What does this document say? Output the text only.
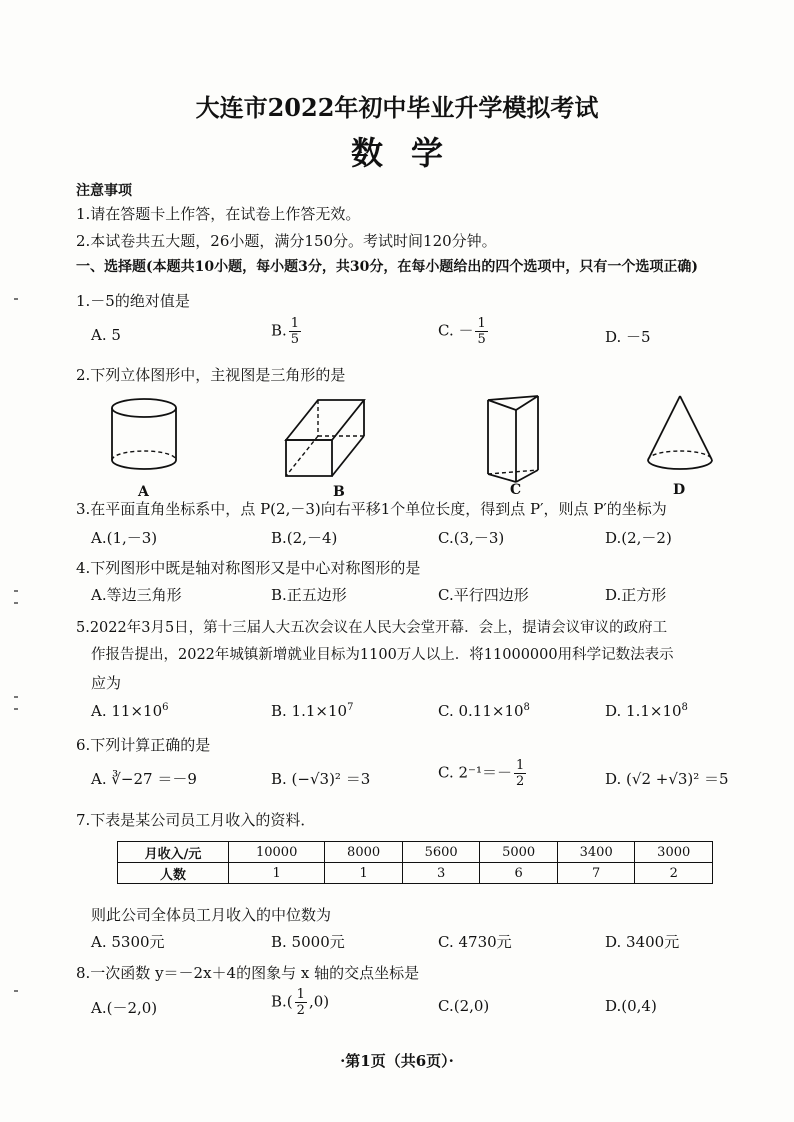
大连市2022年初中毕业升学模拟考试
数学
注意事项
1.请在答题卡上作答，在试卷上作答无效。
2.本试卷共五大题，26小题，满分150分。考试时间120分钟。
一、选择题(本题共10小题，每小题3分，共30分，在每小题给出的四个选项中，只有一个选项正确)
1.－5的绝对值是
A. 5	B. $\frac{1}{5}$	C. － $\frac{1}{5}$	D. －5
2.下列立体图形中，主视图是三角形的是
A	B	C	D
3.在平面直角坐标系中，点 P(2,－3)向右平移1个单位长度，得到点 P′，则点 P′的坐标为
A.(1,－3)	B.(2,－4)	C.(3,－3)	D.(2,－2)
4.下列图形中既是轴对称图形又是中心对称图形的是
A.等边三角形	B.正五边形	C.平行四边形	D.正方形
5.2022年3月5日，第十三届人大五次会议在人民大会堂开幕．会上，提请会议审议的政府工
作报告提出，2022年城镇新增就业目标为1100万人以上．将11000000用科学记数法表示
应为
A. $11\times 10^6$	B. $1.1\times 10^7$	C. $0.11\times 10^8$	D. $1.1\times 10^8$
6.下列计算正确的是
A. ∛−27 ＝－9	B. (−√3)² ＝3	C. $2^{-1}=- \frac{1}{2}$	D. (√2 +√3)² ＝5
7.下表是某公司员工月收入的资料．
月收入/元	10000	8000	5600	5000	3400	3000
人数	1	1	3	6	7	2
则此公司全体员工月收入的中位数为
A. 5300元	B. 5000元	C. 4730元	D. 3400元
8.一次函数 y＝－2x＋4的图象与 x 轴的交点坐标是
A.(－2,0)	$B.( \frac{1}{2} ,0)$	C.(2,0)	D.(0,4)
·第1页（共6页）·
